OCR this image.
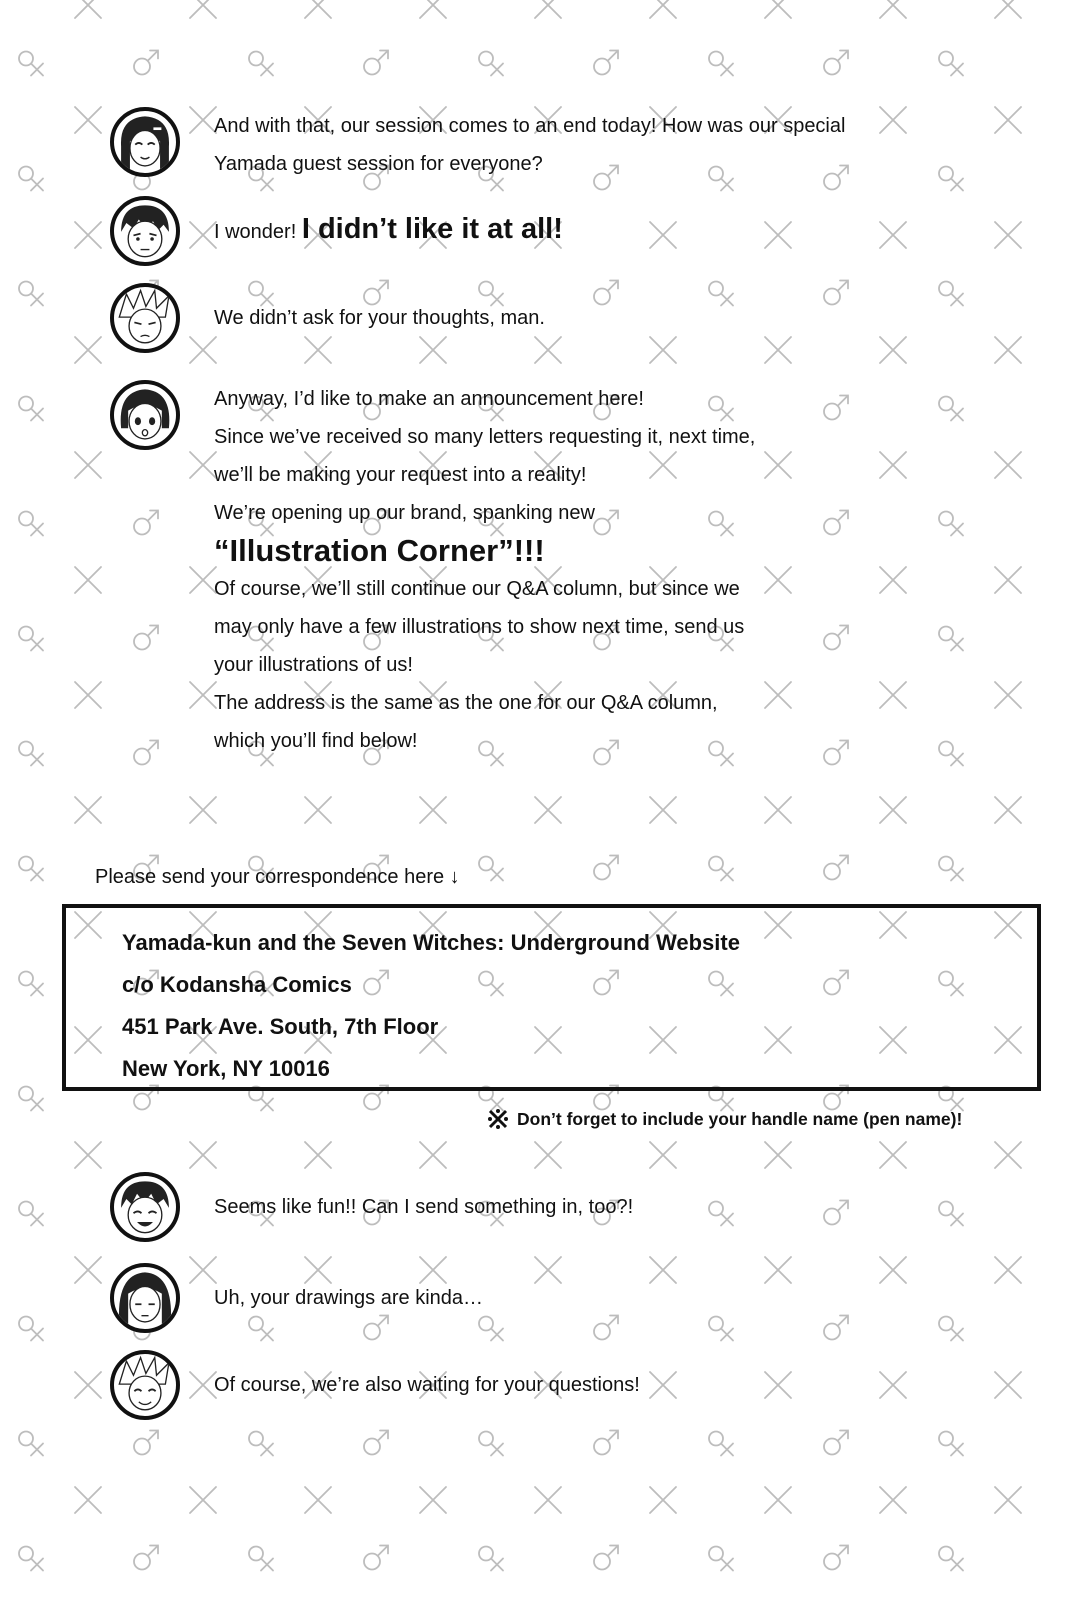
And with that, our session comes to an end today! How was our special
Yamada guest session for everyone?
I wonder! I didn’t like it at all!
We didn’t ask for your thoughts, man.
Anyway, I’d like to make an announcement here!
Since we’ve received so many letters requesting it, next time,
we’ll be making your request into a reality!
We’re opening up our brand, spanking new
“Illustration Corner”!!!
Of course, we’ll still continue our Q&A column, but since we
may only have a few illustrations to show next time, send us
your illustrations of us!
The address is the same as the one for our Q&A column,
which you’ll find below!
Please send your correspondence here ↓
Yamada-kun and the Seven Witches: Underground Website
c/o Kodansha Comics
451 Park Ave. South, 7th Floor
New York, NY 10016
Don’t forget to include your handle name (pen name)!
Seems like fun!! Can I send something in, too?!
Uh, your drawings are kinda…
Of course, we’re also waiting for your questions!
